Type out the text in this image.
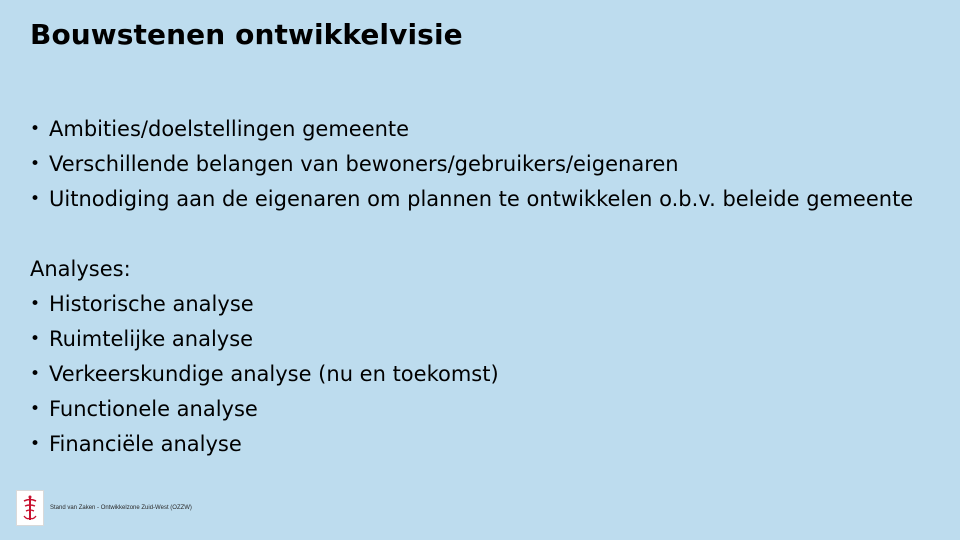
Bouwstenen ontwikkelvisie
• Ambities/doelstellingen gemeente
• Verschillende belangen van bewoners/gebruikers/eigenaren
• Uitnodiging aan de eigenaren om plannen te ontwikkelen o.b.v. beleide gemeente
Analyses:
• Historische analyse
• Ruimtelijke analyse
• Verkeerskundige analyse (nu en toekomst)
• Functionele analyse
• Financiële analyse
Stand van Zaken - Ontwikkelzone Zuid-West (OZZW)
